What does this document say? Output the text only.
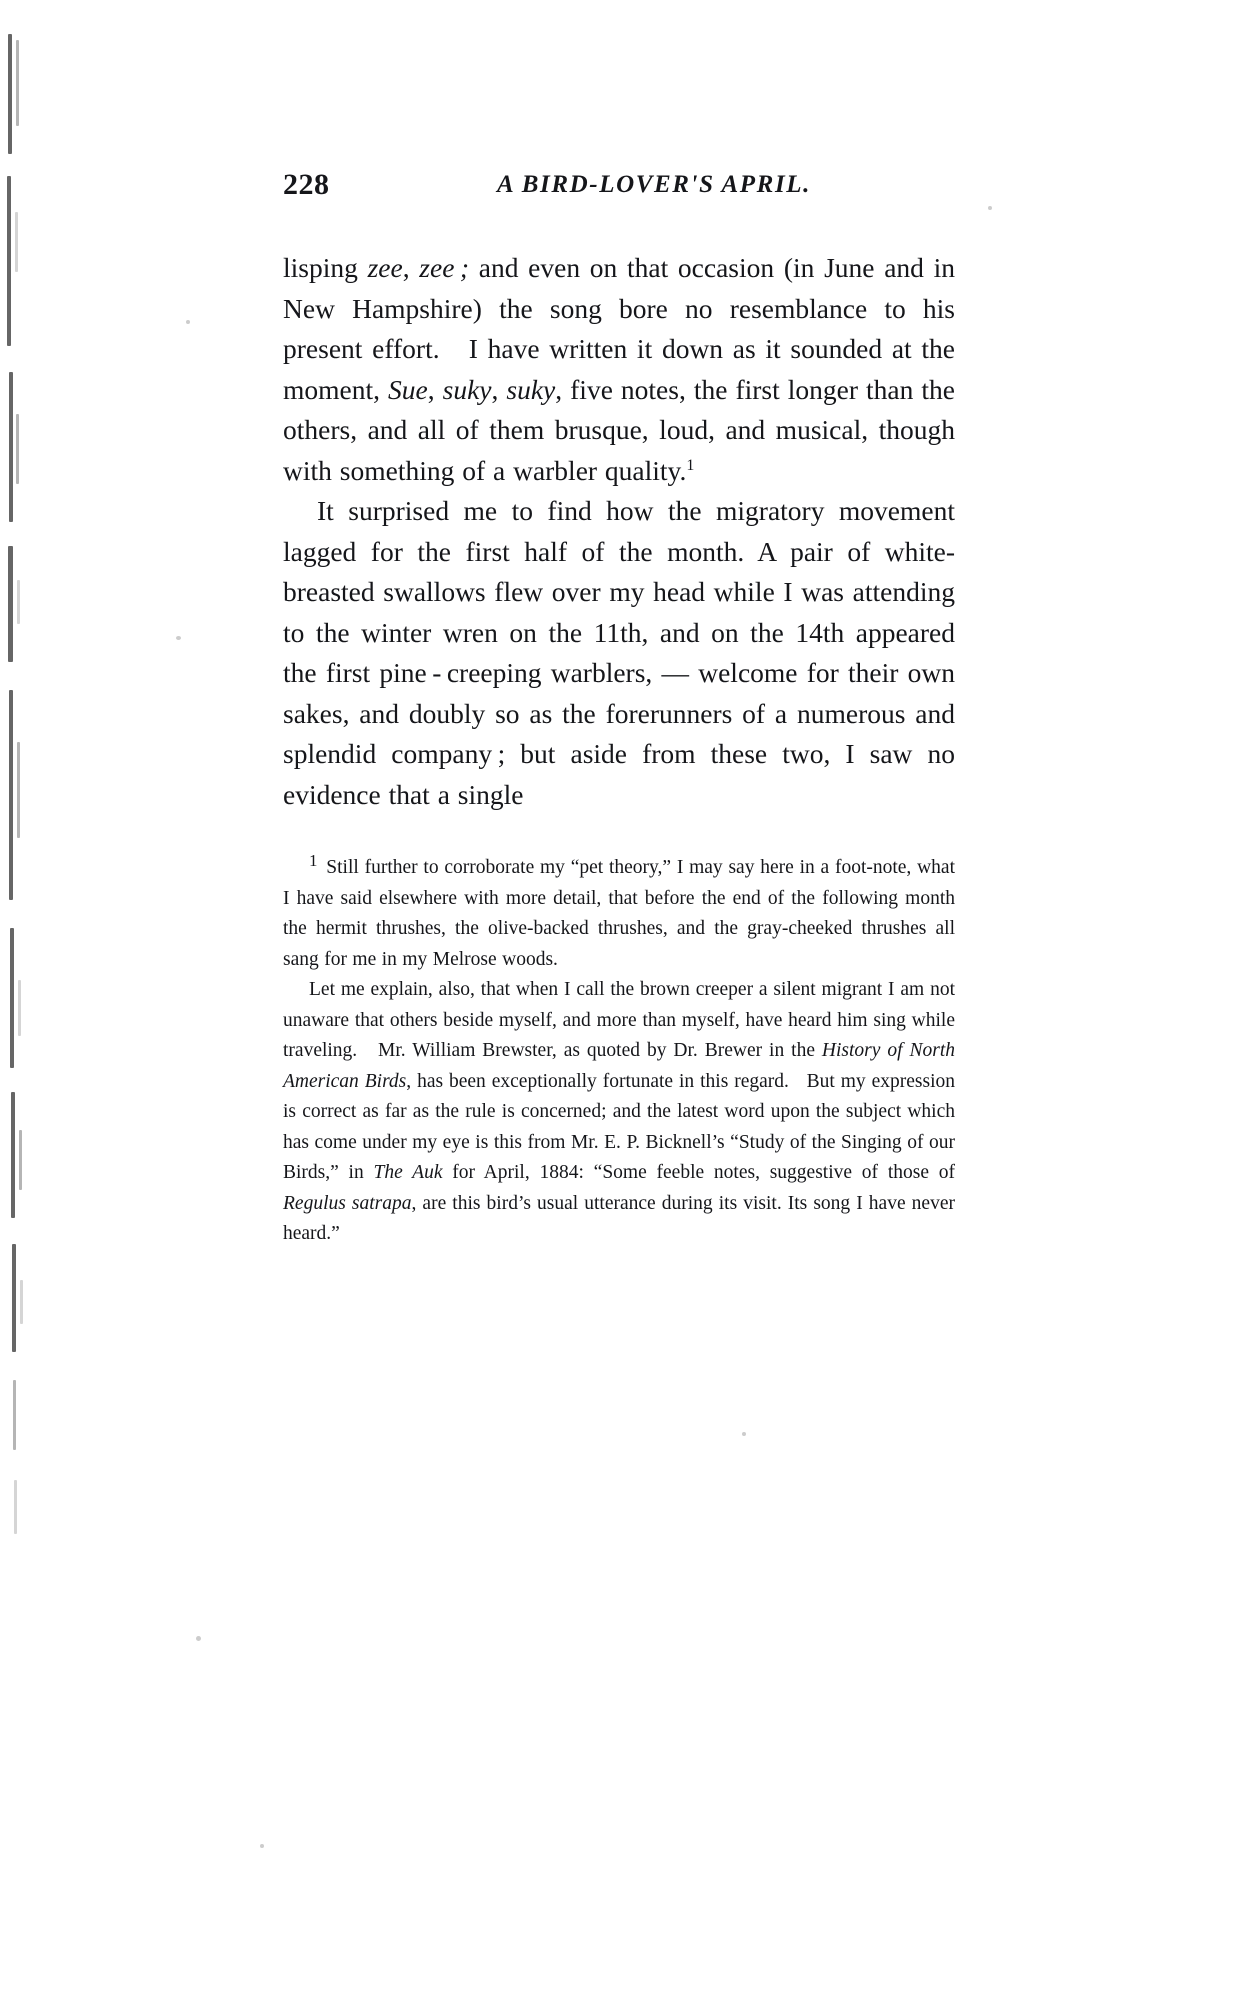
228	A BIRD-LOVER'S APRIL.

lisping zee, zee ; and even on that occasion (in June and in New Hampshire) the song bore no resemblance to his present effort.   I have written it down as it sounded at the moment, Sue, suky, suky, five notes, the first longer than the others, and all of them brusque, loud, and musical, though with something of a warbler quality.$^1$

It surprised me to find how the migratory movement lagged for the first half of the month. A pair of white-breasted swallows flew over my head while I was attending to the winter wren on the 11th, and on the 14th appeared the first pine - creeping warblers, — welcome for their own sakes, and doubly so as the forerunners of a numerous and splendid company ; but aside from these two, I saw no evidence that a single

1 Still further to corroborate my “pet theory,” I may say here in a foot-note, what I have said elsewhere with more detail, that before the end of the following month the hermit thrushes, the olive-backed thrushes, and the gray-cheeked thrushes all sang for me in my Melrose woods.

Let me explain, also, that when I call the brown creeper a silent migrant I am not unaware that others beside myself, and more than myself, have heard him sing while traveling.   Mr. William Brewster, as quoted by Dr. Brewer in the History of North American Birds, has been exceptionally fortunate in this regard.   But my expression is correct as far as the rule is concerned; and the latest word upon the subject which has come under my eye is this from Mr. E. P. Bicknell’s “Study of the Singing of our Birds,” in The Auk for April, 1884: “Some feeble notes, suggestive of those of Regulus satrapa, are this bird’s usual utterance during its visit. Its song I have never heard.”
